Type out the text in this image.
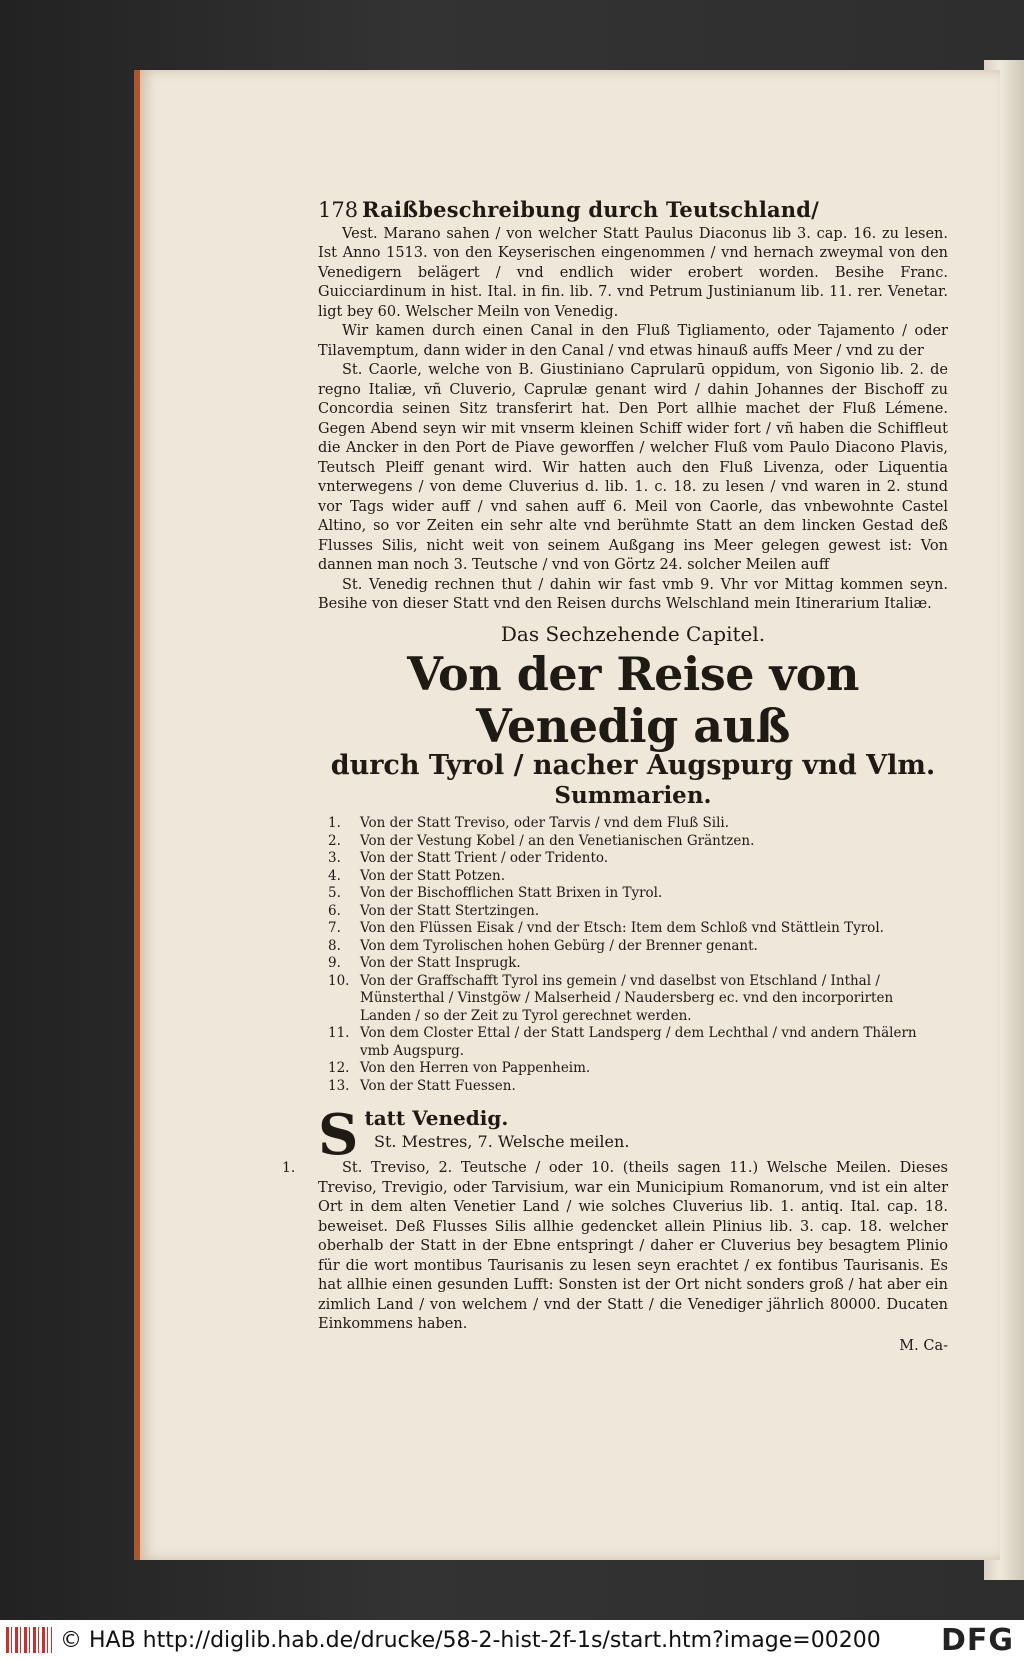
178 Raißbeschreibung durch Teutschland/

Vest. Marano sahen / von welcher Statt Paulus Diaconus lib 3. cap. 16. zu lesen. Ist Anno 1513. von den Keyserischen eingenommen / vnd hernach zweymal von den Venedigern belägert / vnd endlich wider erobert worden. Besihe Franc. Guicciardinum in hist. Ital. in fin. lib. 7. vnd Petrum Justinianum lib. 11. rer. Venetar. ligt bey 60. Welscher Meiln von Venedig.

Wir kamen durch einen Canal in den Fluß Tigliamento, oder Tajamento / oder Tilavemptum, dann wider in den Canal / vnd etwas hinauß auffs Meer / vnd zu der

St. Caorle, welche von B. Giustiniano Caprularū oppidum, von Sigonio lib. 2. de regno Italiæ, vñ Cluverio, Caprulæ genant wird / dahin Johannes der Bischoff zu Concordia seinen Sitz transferirt hat. Den Port allhie machet der Fluß Lémene. Gegen Abend seyn wir mit vnserm kleinen Schiff wider fort / vñ haben die Schiffleut die Ancker in den Port de Piave geworffen / welcher Fluß vom Paulo Diacono Plavis, Teutsch Pleiff genant wird. Wir hatten auch den Fluß Livenza, oder Liquentia vnterwegens / von deme Cluverius d. lib. 1. c. 18. zu lesen / vnd waren in 2. stund vor Tags wider auff / vnd sahen auff 6. Meil von Caorle, das vnbewohnte Castel Altino, so vor Zeiten ein sehr alte vnd berühmte Statt an dem lincken Gestad deß Flusses Silis, nicht weit von seinem Außgang ins Meer gelegen gewest ist: Von dannen man noch 3. Teutsche / vnd von Görtz 24. solcher Meilen auff

St. Venedig rechnen thut / dahin wir fast vmb 9. Vhr vor Mittag kommen seyn. Besihe von dieser Statt vnd den Reisen durchs Welschland mein Itinerarium Italiæ.

Das Sechzehende Capitel.
Von der Reise von Venedig auß
durch Tyrol / nacher Augspurg vnd Vlm.
Summarien.
1.	Von der Statt Treviso, oder Tarvis / vnd dem Fluß Sili.
2.	Von der Vestung Kobel / an den Venetianischen Gräntzen.
3.	Von der Statt Trient / oder Tridento.
4.	Von der Statt Potzen.
5.	Von der Bischofflichen Statt Brixen in Tyrol.
6.	Von der Statt Stertzingen.
7.	Von den Flüssen Eisak / vnd der Etsch: Item dem Schloß vnd Stättlein Tyrol.
8.	Von dem Tyrolischen hohen Gebürg / der Brenner genant.
9.	Von der Statt Insprugk.
10. Von der Graffschafft Tyrol ins gemein / vnd daselbst von Etschland / Inthal / Münsterthal / Vinstgöw / Malserheid / Naudersberg ec. vnd den incorporirten Landen / so der Zeit zu Tyrol gerechnet werden.
11. Von dem Closter Ettal / der Statt Landsperg / dem Lechthal / vnd andern Thälern vmb Augspurg.
12. Von den Herren von Pappenheim.
13. Von der Statt Fuessen.
S tatt Venedig.
St. Mestres, 7. Welsche meilen.
1.	St. Treviso, 2. Teutsche / oder 10. (theils sagen 11.) Welsche Meilen. Dieses Treviso, Trevigio, oder Tarvisium, war ein Municipium Romanorum, vnd ist ein alter Ort in dem alten Venetier Land / wie solches Cluverius lib. 1. antiq. Ital. cap. 18. beweiset. Deß Flusses Silis allhie gedencket allein Plinius lib. 3. cap. 18. welcher oberhalb der Statt in der Ebne entspringt / daher er Cluverius bey besagtem Plinio für die wort montibus Taurisanis zu lesen seyn erachtet / ex fontibus Taurisanis. Es hat allhie einen gesunden Lufft: Sonsten ist der Ort nicht sonders groß / hat aber ein zimlich Land / von welchem / vnd der Statt / die Venediger jährlich 80000. Ducaten Einkommens haben.

M. Ca-
© HAB http://diglib.hab.de/drucke/58-2-hist-2f-1s/start.htm?image=00200 DFG
